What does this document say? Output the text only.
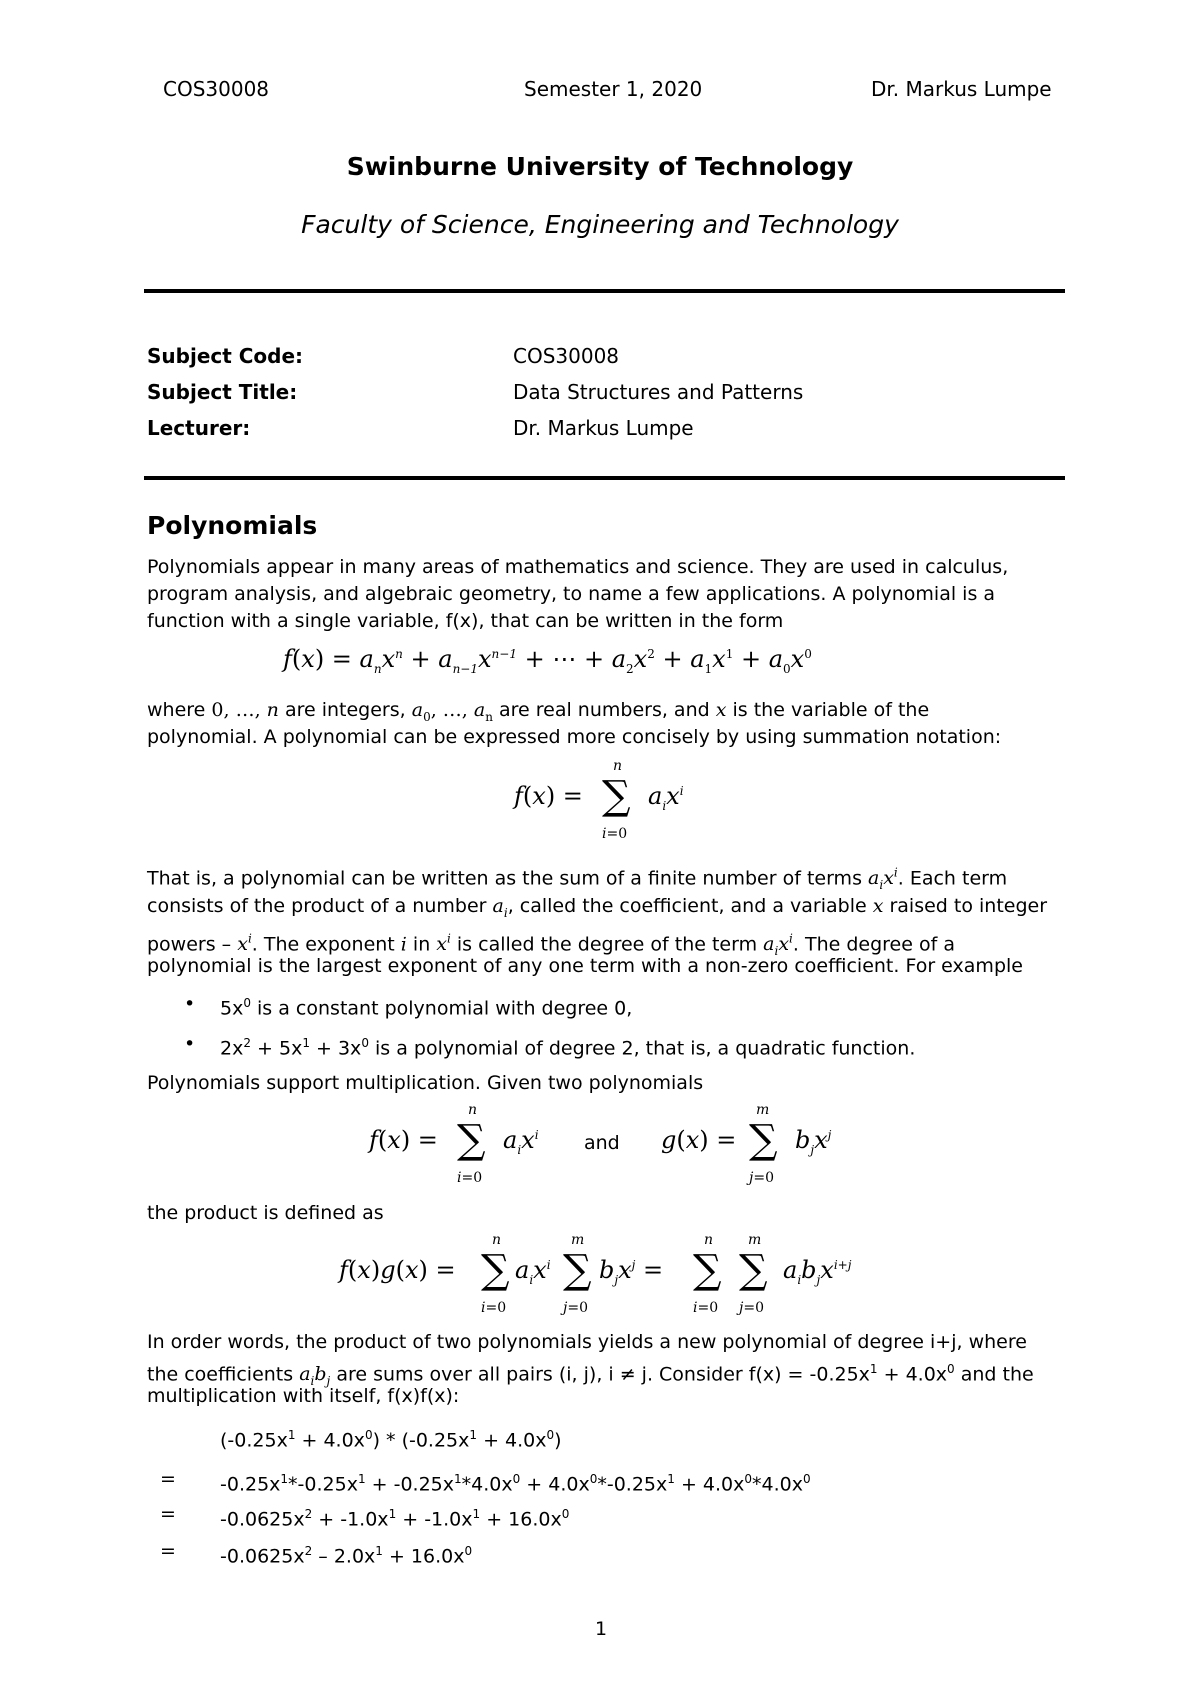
COS30008	Semester 1, 2020	Dr. Markus Lumpe
Swinburne University of Technology
Faculty of Science, Engineering and Technology
Subject Code:	COS30008
Subject Title:	Data Structures and Patterns
Lecturer:	Dr. Markus Lumpe
Polynomials
Polynomials appear in many areas of mathematics and science. They are used in calculus,
program analysis, and algebraic geometry, to name a few applications. A polynomial is a
function with a single variable, f(x), that can be written in the form
$f(x) = a_nx^n + a_{n-1}x^{n-1}$ + ⋯ + $a_2x^2 + a_1x^1 + a_0x^0$
where 0, …, n are integers, $a_0$, …, $a_n$ are real numbers, and x is the variable of the
polynomial. A polynomial can be expressed more concisely by using summation notation:
f(x) =
n
∑
i=0
$a_ix^i$
That is, a polynomial can be written as the sum of a finite number of terms $a_ix^i$. Each term
consists of the product of a number $a_i$, called the coefficient, and a variable x raised to integer
powers – $x^i$. The exponent i in $x^i$ is called the degree of the term $a_ix^i$. The degree of a
polynomial is the largest exponent of any one term with a non-zero coefficient. For example
• $5x^0$ is a constant polynomial with degree 0,
• $2x^2 + 5x^1 + 3x^0$ is a polynomial of degree 2, that is, a quadratic function.
Polynomials support multiplication. Given two polynomials
f(x) =
n
∑
i=0
$a_ix^i$ and g(x) =
m
∑
j=0
$b_jx^j$
the product is defined as
f(x)g(x) =
n
∑
i=0
$a_ix^i$
m
∑
j=0
$b_jx^j$ =
n
∑
i=0
m
∑
j=0
$a_ib_jx^{i+j}$
In order words, the product of two polynomials yields a new polynomial of degree i+j, where
the coefficients $a_ib_j$ are sums over all pairs (i, j), i ≠ j. Consider $f(x) = -0.25x^1 + 4.0x^0$ and the
multiplication with itself, f(x)f(x):
$(-0.25x^1 + 4.0x^0) * (-0.25x^1 + 4.0x^0)$
= $-0.25x^1*-0.25x^1 + -0.25x^1*4.0x^0 + 4.0x^0*-0.25x^1 + 4.0x^0*4.0x^0$
= $-0.0625x^2 + -1.0x^1 + -1.0x^1 + 16.0x^0$
= $-0.0625x^2 - 2.0x^1 + 16.0x^0$
1
